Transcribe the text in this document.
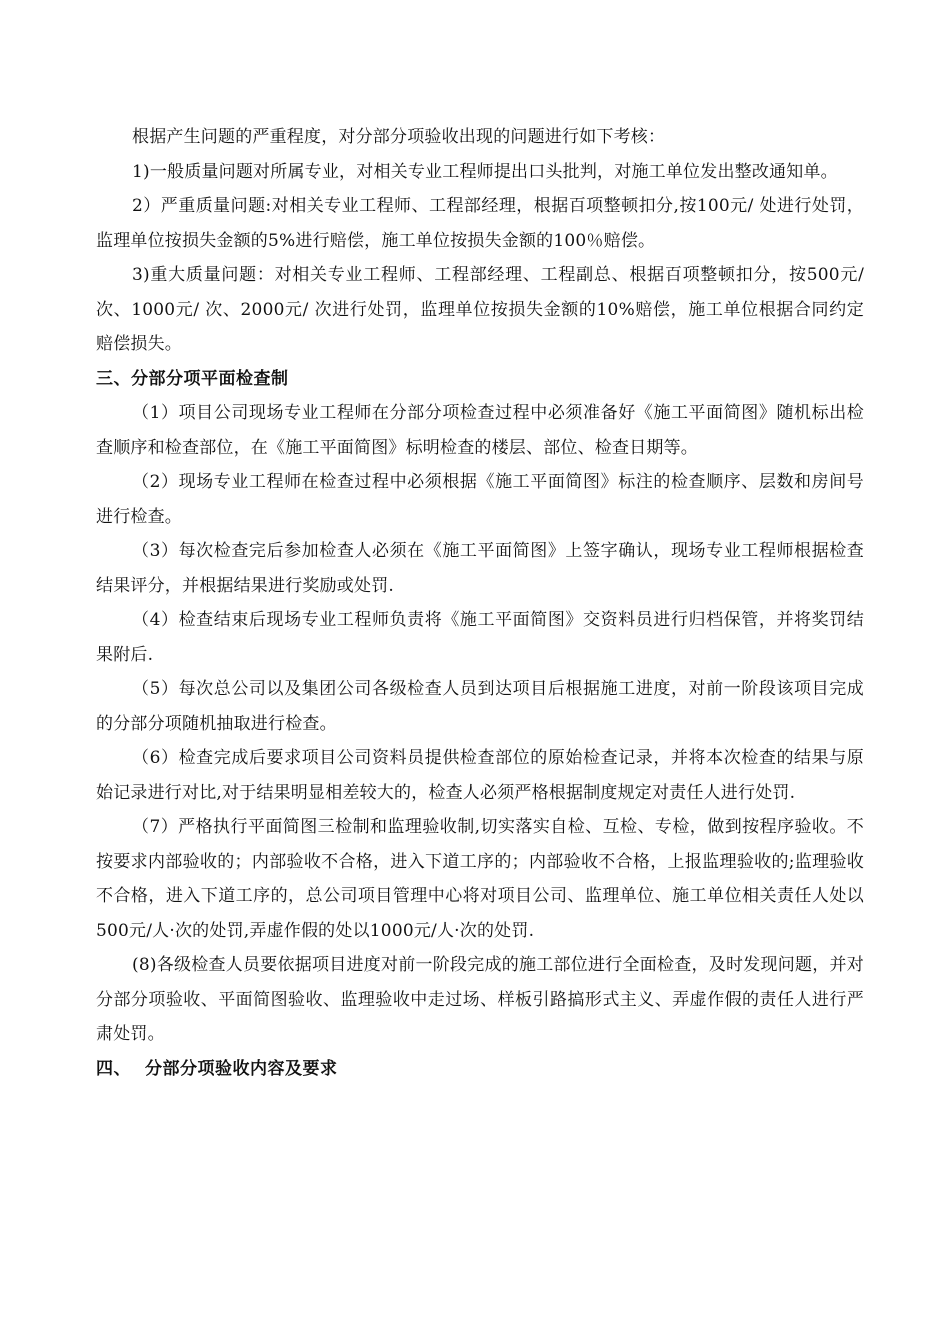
根据产生问题的严重程度，对分部分项验收出现的问题进行如下考核：

1)一般质量问题对所属专业，对相关专业工程师提出口头批判，对施工单位发出整改通知单。

2）严重质量问题:对相关专业工程师、工程部经理，根据百项整顿扣分,按100元/ 处进行处罚，监理单位按损失金额的5%进行赔偿，施工单位按损失金额的100％赔偿。

3)重大质量问题：对相关专业工程师、工程部经理、工程副总、根据百项整顿扣分，按500元/ 次、1000元/ 次、2000元/ 次进行处罚，监理单位按损失金额的10%赔偿，施工单位根据合同约定赔偿损失。

三、分部分项平面检查制

（1）项目公司现场专业工程师在分部分项检查过程中必须准备好《施工平面简图》随机标出检查顺序和检查部位，在《施工平面简图》标明检查的楼层、部位、检查日期等。

（2）现场专业工程师在检查过程中必须根据《施工平面简图》标注的检查顺序、层数和房间号进行检查。

（3）每次检查完后参加检查人必须在《施工平面简图》上签字确认，现场专业工程师根据检查结果评分，并根据结果进行奖励或处罚.

（4）检查结束后现场专业工程师负责将《施工平面简图》交资料员进行归档保管，并将奖罚结果附后.

（5）每次总公司以及集团公司各级检查人员到达项目后根据施工进度，对前一阶段该项目完成的分部分项随机抽取进行检查。

（6）检查完成后要求项目公司资料员提供检查部位的原始检查记录，并将本次检查的结果与原始记录进行对比,对于结果明显相差较大的，检查人必须严格根据制度规定对责任人进行处罚.

（7）严格执行平面简图三检制和监理验收制,切实落实自检、互检、专检，做到按程序验收。不按要求内部验收的；内部验收不合格，进入下道工序的；内部验收不合格，上报监理验收的;监理验收不合格，进入下道工序的，总公司项目管理中心将对项目公司、监理单位、施工单位相关责任人处以500元/人·次的处罚,弄虚作假的处以1000元/人·次的处罚.

(8)各级检查人员要依据项目进度对前一阶段完成的施工部位进行全面检查，及时发现问题，并对分部分项验收、平面简图验收、监理验收中走过场、样板引路搞形式主义、弄虚作假的责任人进行严肃处罚。

四、 分部分项验收内容及要求
